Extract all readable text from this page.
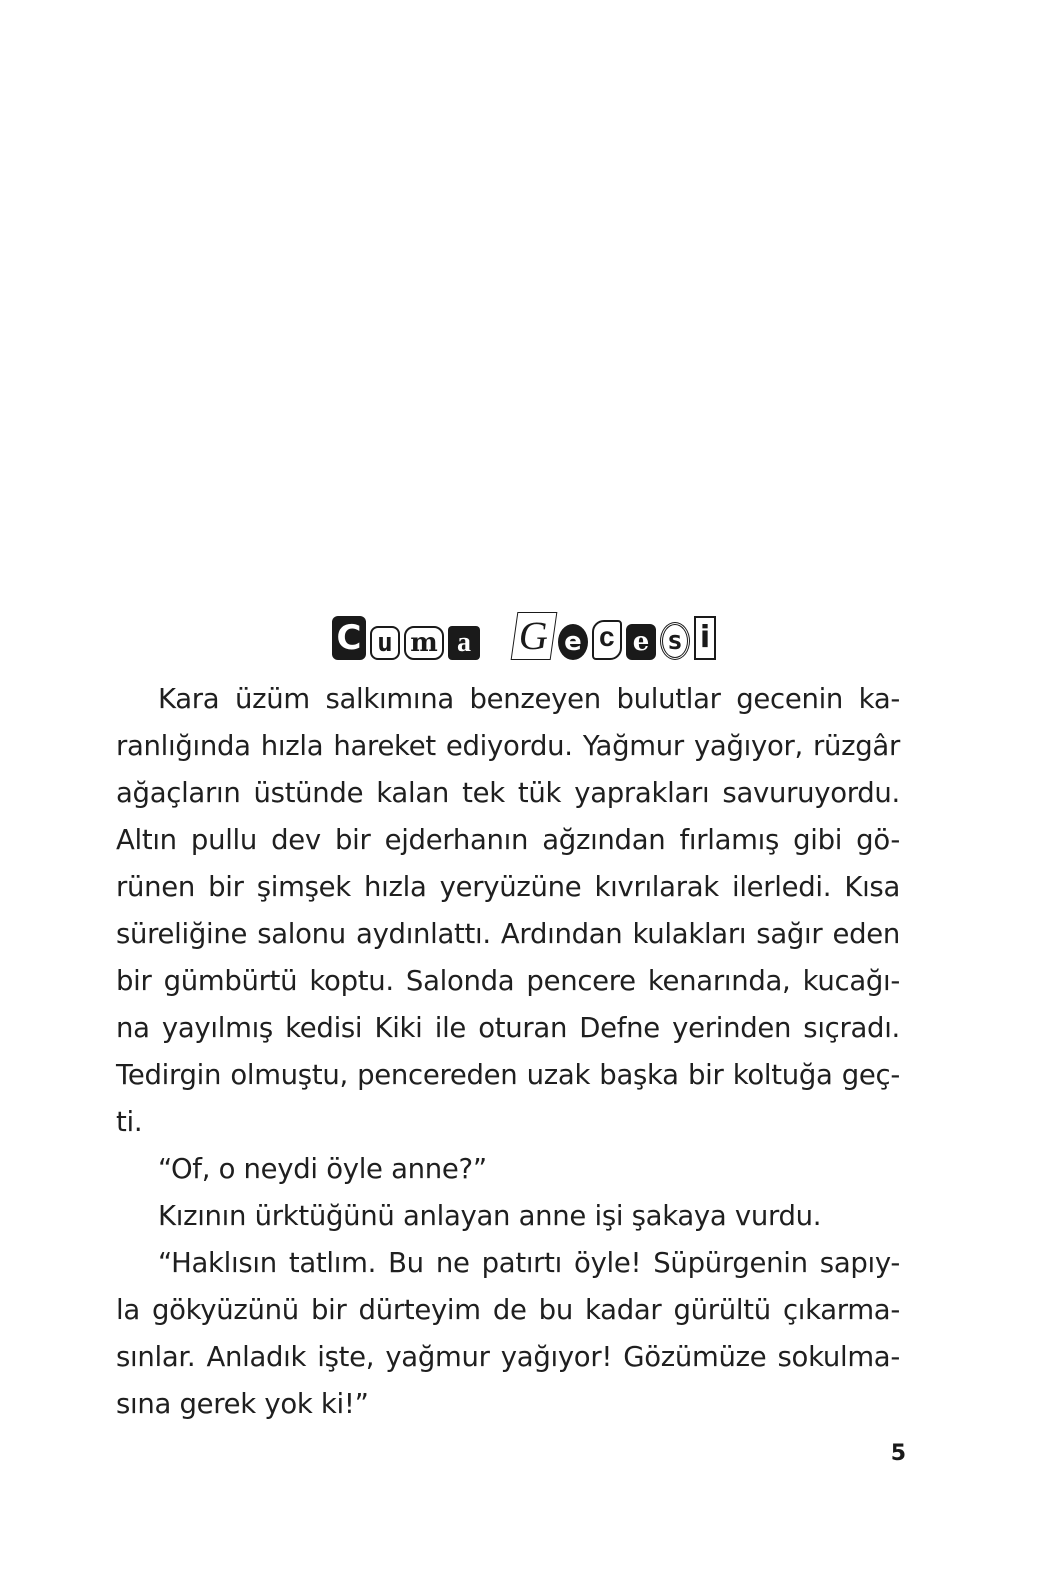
C u m a G e c e s i
Kara üzüm salkımına benzeyen bulutlar gecenin ka-
ranlığında hızla hareket ediyordu. Yağmur yağıyor, rüzgâr
ağaçların üstünde kalan tek tük yaprakları savuruyordu.
Altın pullu dev bir ejderhanın ağzından fırlamış gibi gö-
rünen bir şimşek hızla yeryüzüne kıvrılarak ilerledi. Kısa
süreliğine salonu aydınlattı. Ardından kulakları sağır eden
bir gümbürtü koptu. Salonda pencere kenarında, kucağı-
na yayılmış kedisi Kiki ile oturan Defne yerinden sıçradı.
Tedirgin olmuştu, pencereden uzak başka bir koltuğa geç-
ti.
“Of, o neydi öyle anne?”
Kızının ürktüğünü anlayan anne işi şakaya vurdu.
“Haklısın tatlım. Bu ne patırtı öyle! Süpürgenin sapıy-
la gökyüzünü bir dürteyim de bu kadar gürültü çıkarma-
sınlar. Anladık işte, yağmur yağıyor! Gözümüze sokulma-
sına gerek yok ki!”
5
